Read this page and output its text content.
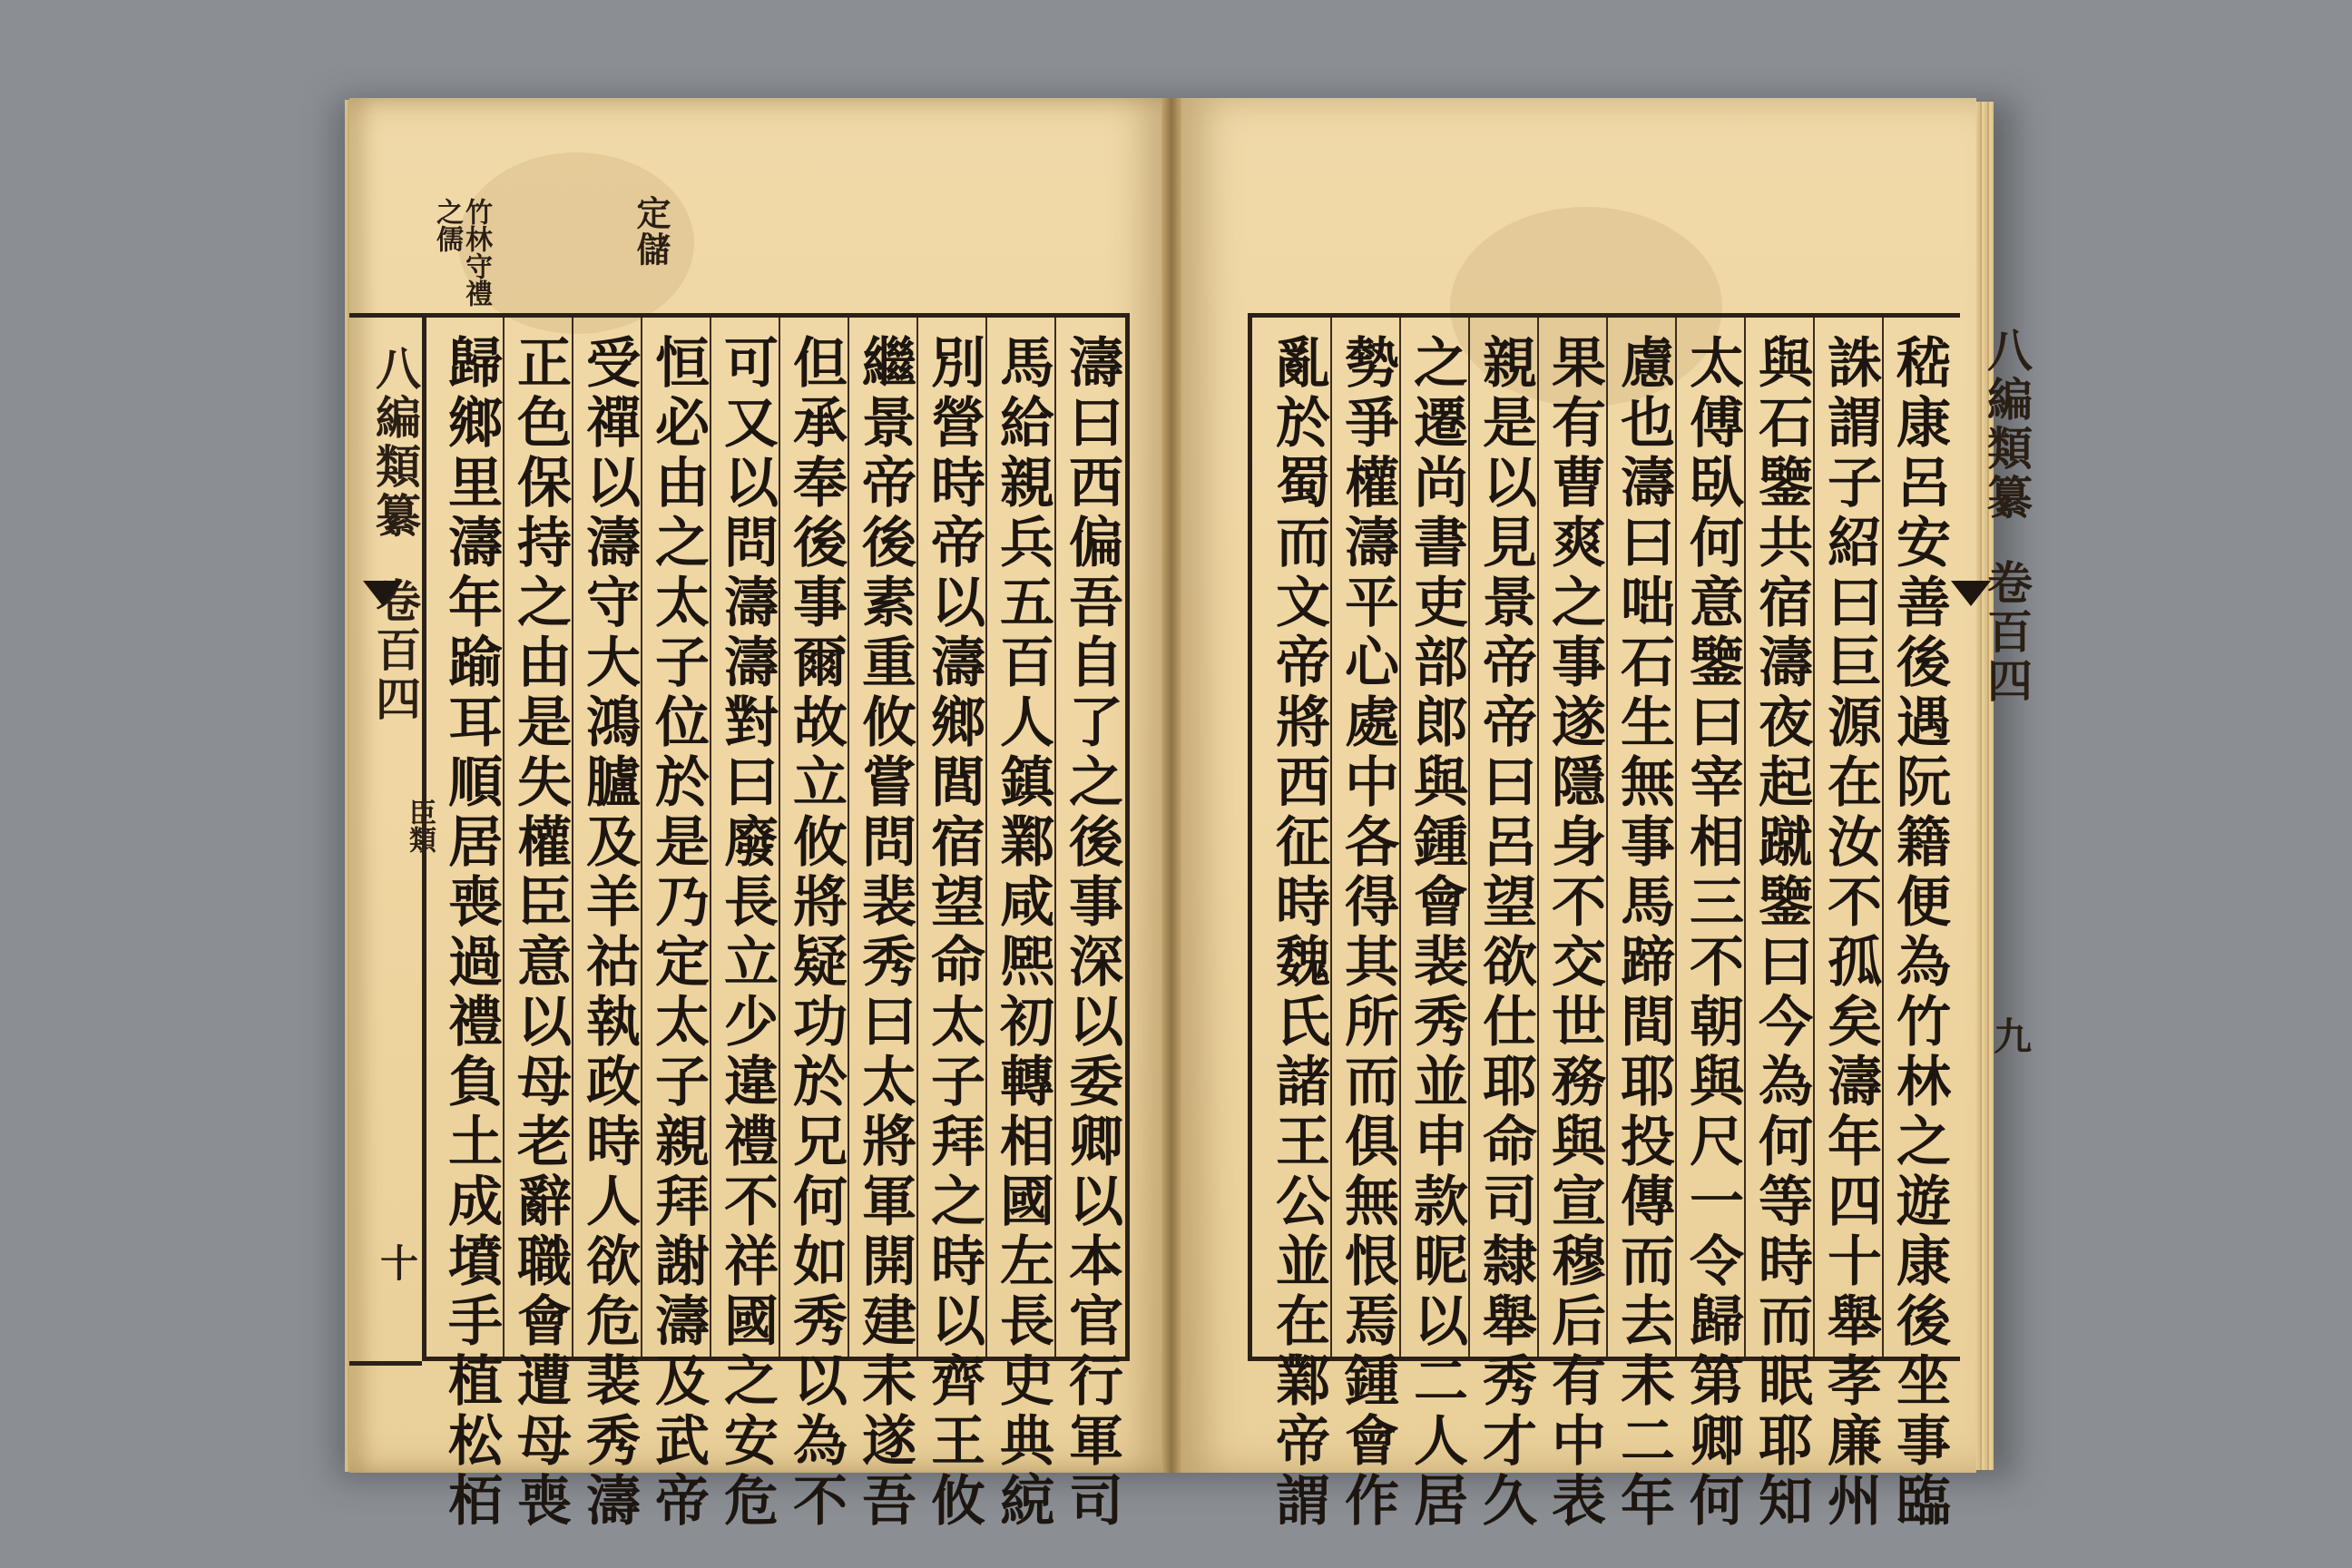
定儲
竹林守禮之儒
八編類纂卷百四
十
臣類	濤曰西偏吾自了之後事深以委卿以本官行軍司
馬給親兵五百人鎮鄴咸熈初轉相國左長史典綂
別營時帝以濤鄉閭宿望命太子拜之時以齊王攸
繼景帝後素重攸嘗問裴秀曰太將軍開建未遂吾
但承奉後事爾故立攸將疑功於兄何如秀以為不
可又以問濤濤對曰廢長立少違禮不祥國之安危
恒必由之太子位於是乃定太子親拜謝濤及武帝
受禪以濤守大鴻臚及羊祜執政時人欲危裴秀濤
正色保持之由是失權臣意以母老辭職會遭母喪
歸鄉里濤年踰耳順居喪過禮負土成墳手植松栢	嵇康呂安善後遇阮籍便為竹林之遊康後坐事臨
誅謂子紹曰巨源在汝不孤矣濤年四十舉孝廉州
與石鑒共宿濤夜起蹴鑒曰今為何等時而眠耶知
太傅臥何意鑒曰宰相三不朝與尺一令歸第卿何
慮也濤曰咄石生無事馬蹄間耶投傳而去未二年
果有曹爽之事遂隱身不交世務與宣穆后有中表
親是以見景帝帝曰呂望欲仕耶命司隸舉秀才久
之遷尚書吏部郎與鍾會裴秀並申款昵以二人居
勢爭權濤平心處中各得其所而俱無恨焉鍾會作
亂於蜀而文帝將西征時魏氏諸王公並在鄴帝謂	八編類纂卷百四
九
